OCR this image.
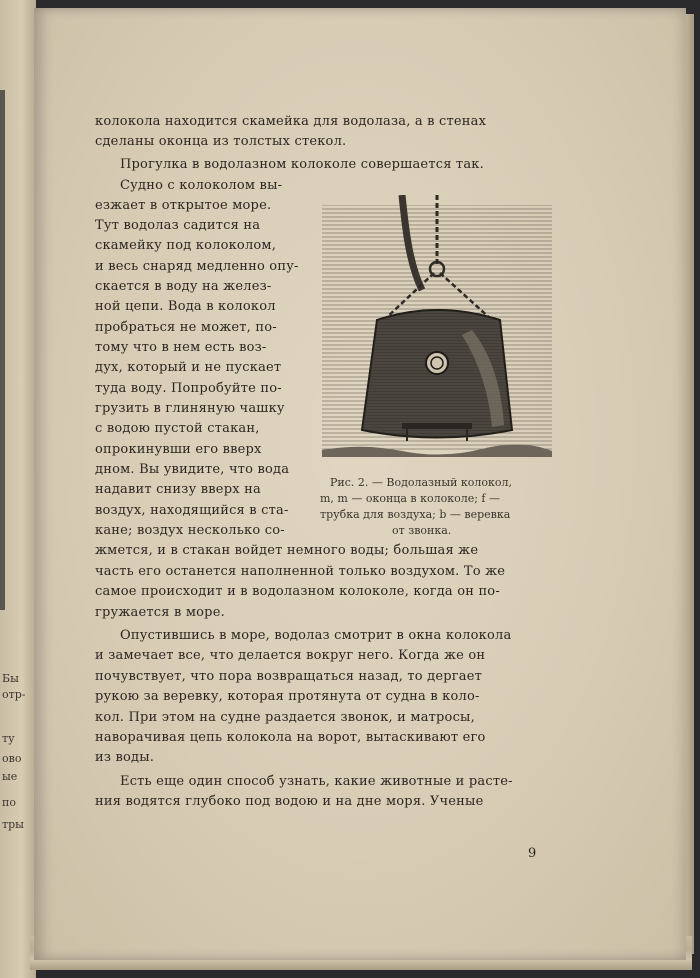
Бы
отр-
ту
ово
ые
по
тры
колокола находится скамейка для водолаза, а в стенах
сделаны оконца из толстых стекол.
Прогулка в водолазном колоколе совершается так.
Судно с колоколом вы-
езжает в открытое море.
Тут водолаз садится на
скамейку под колоколом,
и весь снаряд медленно опу-
скается в воду на желез-
ной цепи. Вода в колокол
пробраться не может, по-
тому что в нем есть воз-
дух, который и не пускает
туда воду. Попробуйте по-
грузить в глиняную чашку
с водою пустой стакан,
опрокинувши его вверх
дном. Вы увидите, что вода
надавит снизу вверх на
воздух, находящийся в ста-
кане; воздух несколько со-
жмется, и в стакан войдет немного воды; большая же
часть его останется наполненной только воздухом. То же
самое происходит и в водолазном колоколе, когда он по-
гружается в море.
Опустившись в море, водолаз смотрит в окна колокола
и замечает все, что делается вокруг него. Когда же он
почувствует, что пора возвращаться назад, то дергает
рукою за веревку, которая протянута от судна в коло-
кол. При этом на судне раздается звонок, и матросы,
наворачивая цепь колокола на ворот, вытаскивают его
из воды.
Есть еще один способ узнать, какие животные и расте-
ния водятся глубоко под водою и на дне моря. Ученые
Рис. 2. — Водолазный колокол,
m, m — оконца в колоколе; f —
трубка для воздуха; b — веревка
от звонка.
9
